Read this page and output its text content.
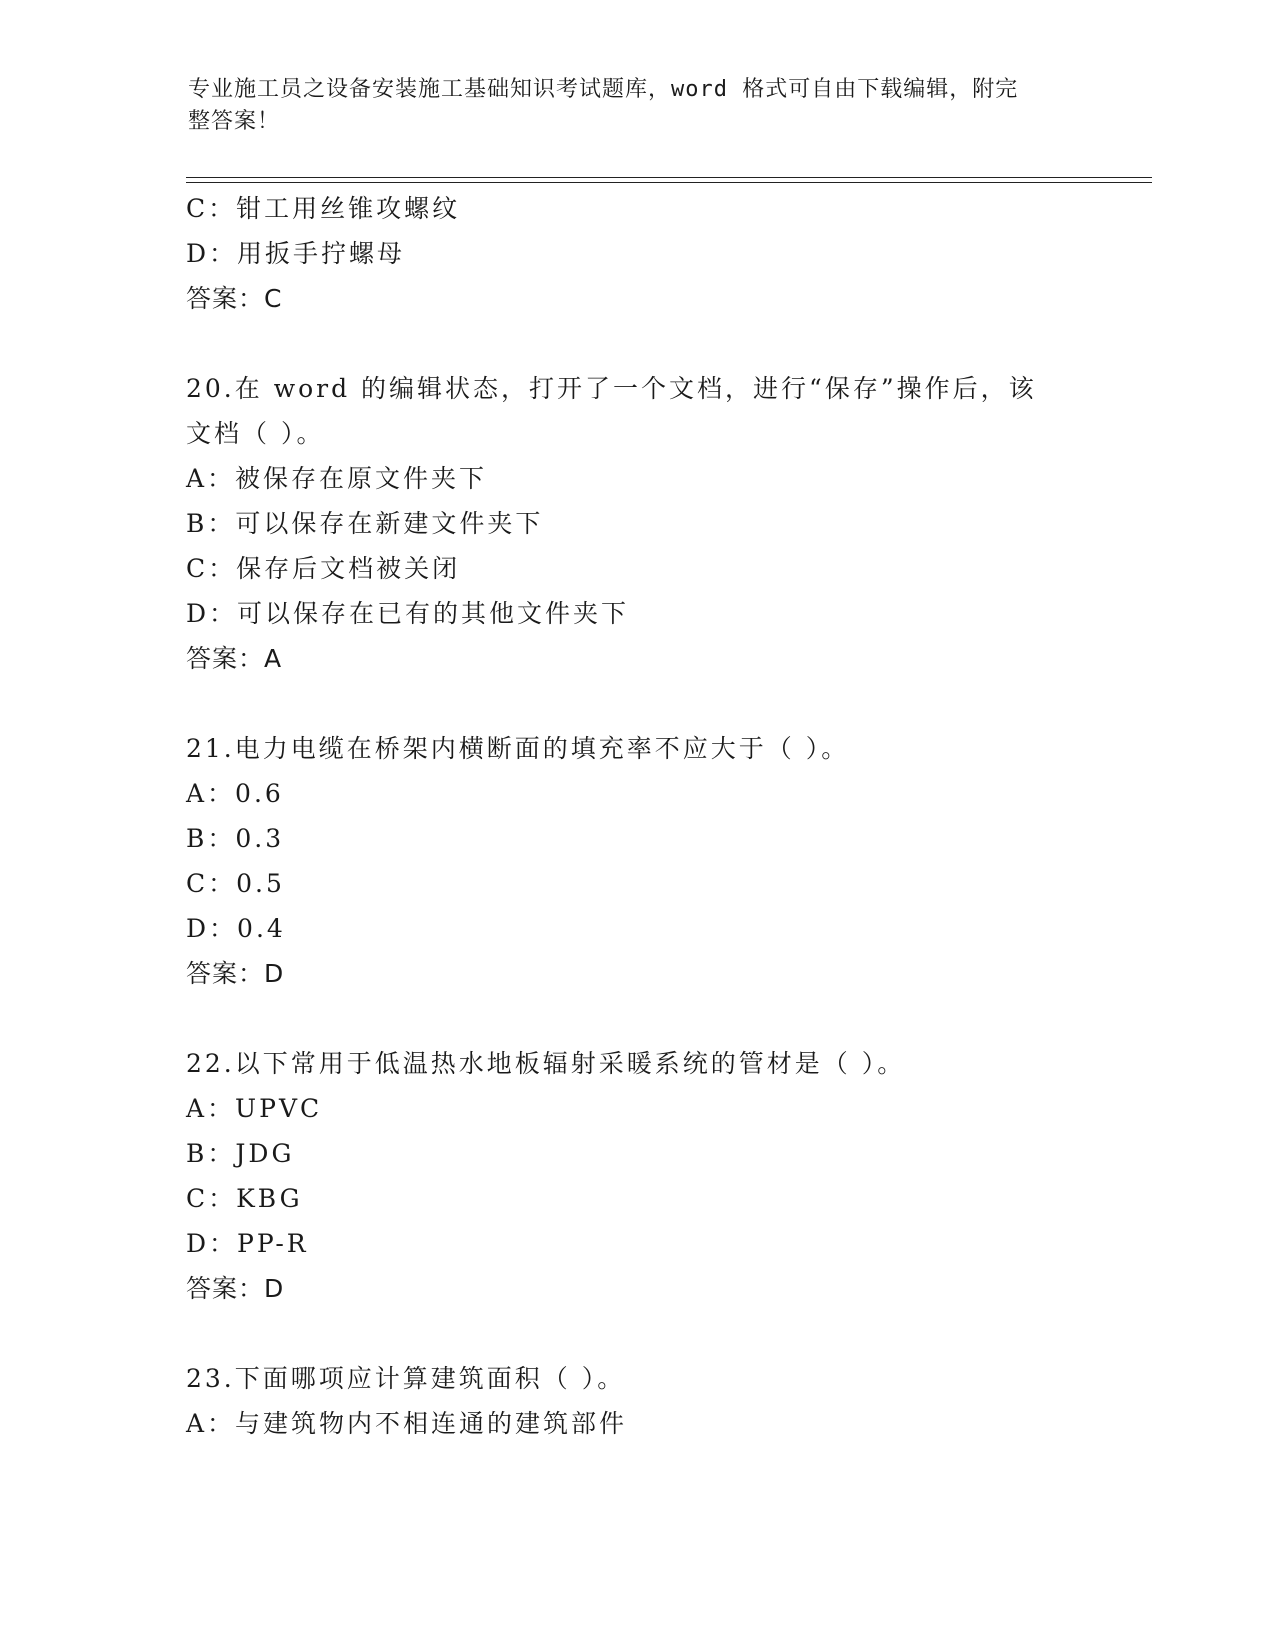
专业施工员之设备安装施工基础知识考试题库，word 格式可自由下载编辑，附完
整答案！
C：钳工用丝锥攻螺纹
D：用扳手拧螺母
答案：C
20.在 word 的编辑状态，打开了一个文档，进行“保存”操作后，该
文档（ ）。
A：被保存在原文件夹下
B：可以保存在新建文件夹下
C：保存后文档被关闭
D：可以保存在已有的其他文件夹下
答案：A
21.电力电缆在桥架内横断面的填充率不应大于（ ）。
A：0.6
B：0.3
C：0.5
D：0.4
答案：D
22.以下常用于低温热水地板辐射采暖系统的管材是（ ）。
A：UPVC
B：JDG
C：KBG
D：PP-R
答案：D
23.下面哪项应计算建筑面积（ ）。
A：与建筑物内不相连通的建筑部件
